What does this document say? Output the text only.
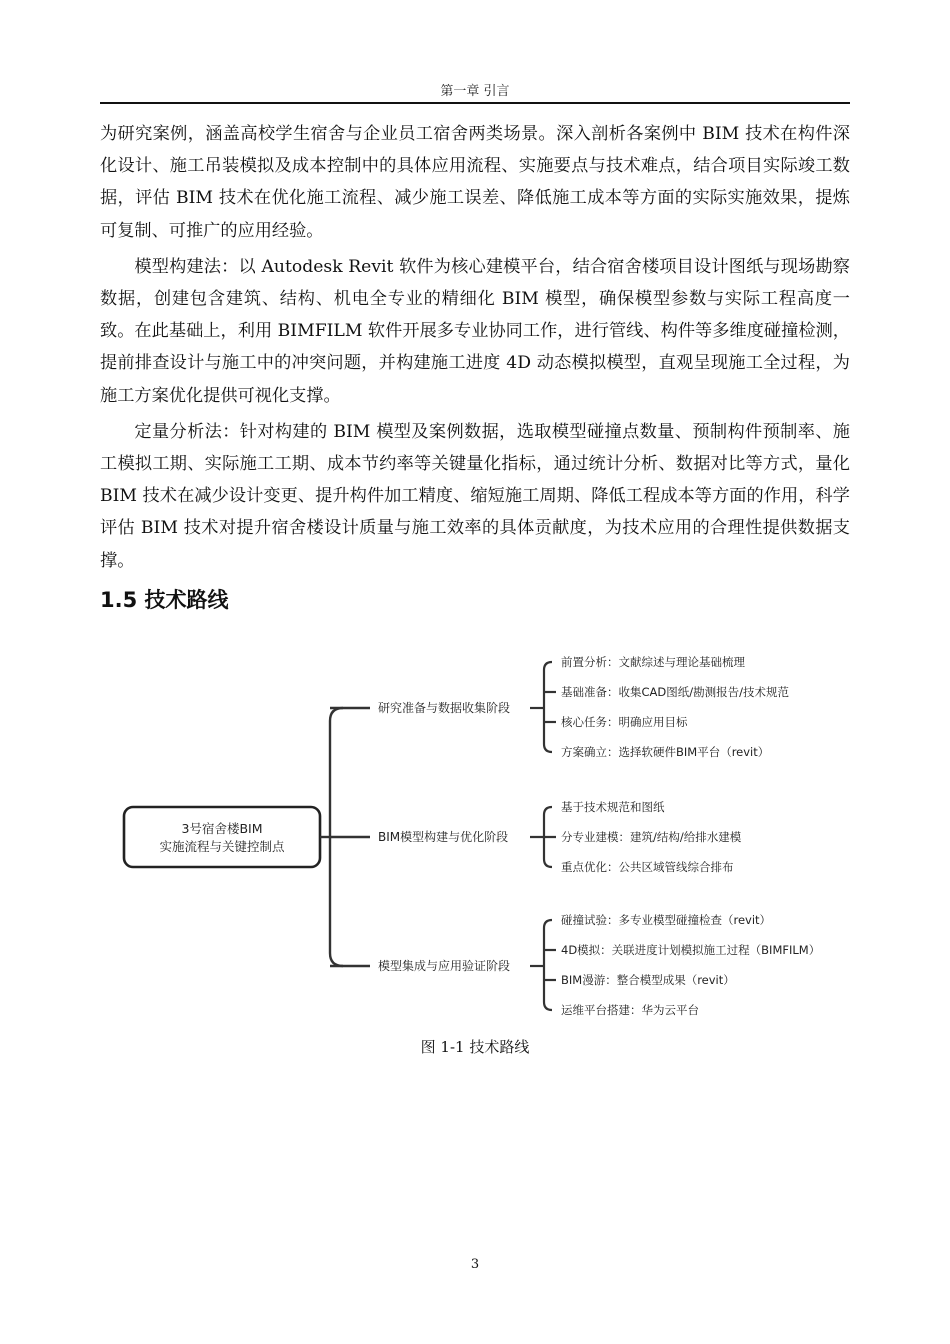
第一章 引言

为研究案例，涵盖高校学生宿舍与企业员工宿舍两类场景。深入剖析各案例中 BIM 技术在构件深化设计、施工吊装模拟及成本控制中的具体应用流程、实施要点与技术难点，结合项目实际竣工数据，评估 BIM 技术在优化施工流程、减少施工误差、降低施工成本等方面的实际实施效果，提炼可复制、可推广的应用经验。

模型构建法：以 Autodesk Revit 软件为核心建模平台，结合宿舍楼项目设计图纸与现场勘察数据，创建包含建筑、结构、机电全专业的精细化 BIM 模型，确保模型参数与实际工程高度一致。在此基础上，利用 BIMFILM 软件开展多专业协同工作，进行管线、构件等多维度碰撞检测，提前排查设计与施工中的冲突问题，并构建施工进度 4D 动态模拟模型，直观呈现施工全过程，为施工方案优化提供可视化支撑。

定量分析法：针对构建的 BIM 模型及案例数据，选取模型碰撞点数量、预制构件预制率、施工模拟工期、实际施工工期、成本节约率等关键量化指标，通过统计分析、数据对比等方式，量化 BIM 技术在减少设计变更、提升构件加工精度、缩短施工周期、降低工程成本等方面的作用，科学评估 BIM 技术对提升宿舍楼设计质量与施工效率的具体贡献度，为技术应用的合理性提供数据支撑。

1.5 技术路线
3号宿舍楼BIM
实施流程与关键控制点
研究准备与数据收集阶段
BIM模型构建与优化阶段
模型集成与应用验证阶段
前置分析：文献综述与理论基础梳理
基础准备：收集CAD图纸/勘测报告/技术规范
核心任务：明确应用目标
方案确立：选择软硬件BIM平台（revit）
基于技术规范和图纸
分专业建模：建筑/结构/给排水建模
重点优化：公共区域管线综合排布
碰撞试验：多专业模型碰撞检查（revit）
4D模拟：关联进度计划模拟施工过程（BIMFILM）
BIM漫游：整合模型成果（revit）
运维平台搭建：华为云平台
图 1-1 技术路线
3
